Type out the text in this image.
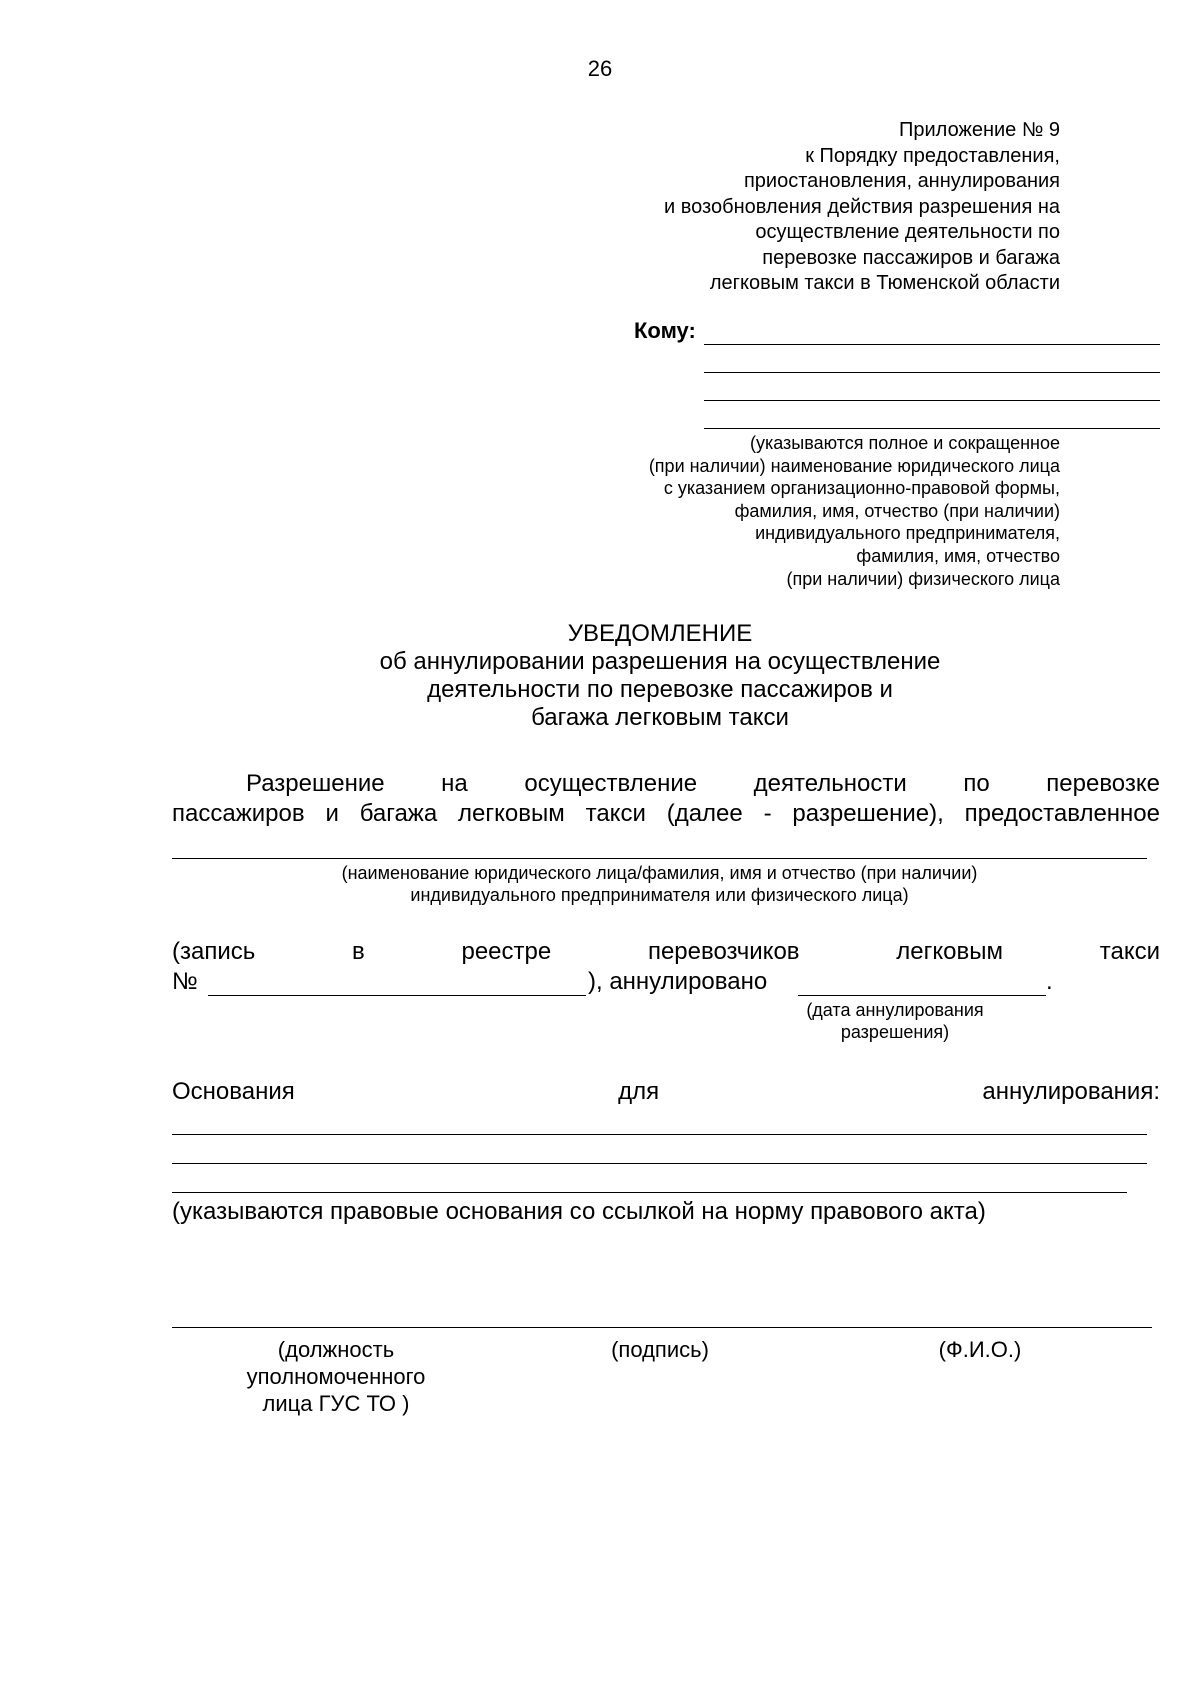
26
Приложение № 9
к Порядку предоставления,
приостановления, аннулирования
и возобновления действия разрешения на
осуществление деятельности по
перевозке пассажиров и багажа
легковым такси в Тюменской области
Кому:
(указываются полное и сокращенное
(при наличии) наименование юридического лица
с указанием организационно-правовой формы,
фамилия, имя, отчество (при наличии)
индивидуального предпринимателя,
фамилия, имя, отчество
(при наличии) физического лица
УВЕДОМЛЕНИЕ
об аннулировании разрешения на осуществление
деятельности по перевозке пассажиров и
багажа легковым такси
Разрешение на осуществление деятельности по перевозке
пассажиров и багажа легковым такси (далее - разрешение), предоставленное
(наименование юридического лица/фамилия, имя и отчество (при наличии)
индивидуального предпринимателя или физического лица)
(запись в реестре перевозчиков легковым такси
№	), аннулировано	.
(дата аннулирования
разрешения)
Основания для аннулирования:
(указываются правовые основания со ссылкой на норму правового акта)
(должность
уполномоченного
лица ГУС ТО )
(подпись)	(Ф.И.О.)
